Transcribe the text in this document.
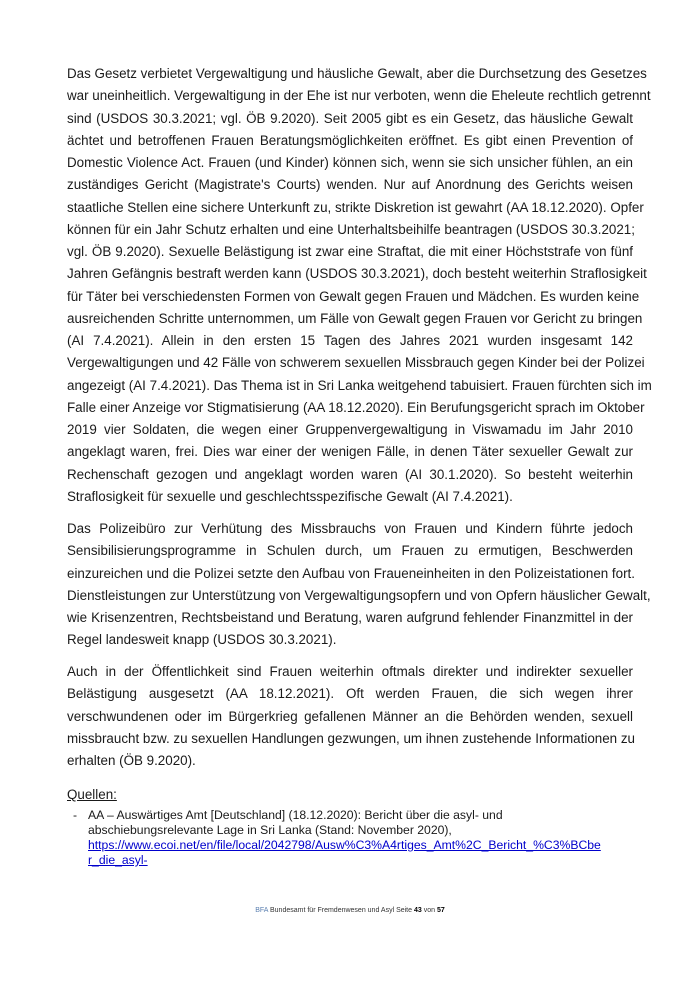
Das Gesetz verbietet Vergewaltigung und häusliche Gewalt, aber die Durchsetzung des Gesetzes
war uneinheitlich. Vergewaltigung in der Ehe ist nur verboten, wenn die Eheleute rechtlich getrennt
sind (USDOS 30.3.2021; vgl. ÖB 9.2020). Seit 2005 gibt es ein Gesetz, das häusliche Gewalt
ächtet und betroffenen Frauen Beratungsmöglichkeiten eröffnet. Es gibt einen Prevention of
Domestic Violence Act. Frauen (und Kinder) können sich, wenn sie sich unsicher fühlen, an ein
zuständiges Gericht (Magistrate's Courts) wenden. Nur auf Anordnung des Gerichts weisen
staatliche Stellen eine sichere Unterkunft zu, strikte Diskretion ist gewahrt (AA 18.12.2020). Opfer
können für ein Jahr Schutz erhalten und eine Unterhaltsbeihilfe beantragen (USDOS 30.3.2021;
vgl. ÖB 9.2020). Sexuelle Belästigung ist zwar eine Straftat, die mit einer Höchststrafe von fünf
Jahren Gefängnis bestraft werden kann (USDOS 30.3.2021), doch besteht weiterhin Straflosigkeit
für Täter bei verschiedensten Formen von Gewalt gegen Frauen und Mädchen. Es wurden keine
ausreichenden Schritte unternommen, um Fälle von Gewalt gegen Frauen vor Gericht zu bringen
(AI 7.4.2021). Allein in den ersten 15 Tagen des Jahres 2021 wurden insgesamt 142
Vergewaltigungen und 42 Fälle von schwerem sexuellen Missbrauch gegen Kinder bei der Polizei
angezeigt (AI 7.4.2021). Das Thema ist in Sri Lanka weitgehend tabuisiert. Frauen fürchten sich im
Falle einer Anzeige vor Stigmatisierung (AA 18.12.2020). Ein Berufungsgericht sprach im Oktober
2019 vier Soldaten, die wegen einer Gruppenvergewaltigung in Viswamadu im Jahr 2010
angeklagt waren, frei. Dies war einer der wenigen Fälle, in denen Täter sexueller Gewalt zur
Rechenschaft gezogen und angeklagt worden waren (AI 30.1.2020). So besteht weiterhin
Straflosigkeit für sexuelle und geschlechtsspezifische Gewalt (AI 7.4.2021).
Das Polizeibüro zur Verhütung des Missbrauchs von Frauen und Kindern führte jedoch
Sensibilisierungsprogramme in Schulen durch, um Frauen zu ermutigen, Beschwerden
einzureichen und die Polizei setzte den Aufbau von Fraueneinheiten in den Polizeistationen fort.
Dienstleistungen zur Unterstützung von Vergewaltigungsopfern und von Opfern häuslicher Gewalt,
wie Krisenzentren, Rechtsbeistand und Beratung, waren aufgrund fehlender Finanzmittel in der
Regel landesweit knapp (USDOS 30.3.2021).
Auch in der Öffentlichkeit sind Frauen weiterhin oftmals direkter und indirekter sexueller
Belästigung ausgesetzt (AA 18.12.2021). Oft werden Frauen, die sich wegen ihrer
verschwundenen oder im Bürgerkrieg gefallenen Männer an die Behörden wenden, sexuell
missbraucht bzw. zu sexuellen Handlungen gezwungen, um ihnen zustehende Informationen zu
erhalten (ÖB 9.2020).
Quellen:
- AA – Auswärtiges Amt [Deutschland] (18.12.2020): Bericht über die asyl- und
abschiebungsrelevante Lage in Sri Lanka (Stand: November 2020),
https://www.ecoi.net/en/file/local/2042798/Ausw%C3%A4rtiges_Amt%2C_Bericht_%C3%BCbe
r_die_asyl-
BFA Bundesamt für Fremdenwesen und Asyl Seite 43 von 57
